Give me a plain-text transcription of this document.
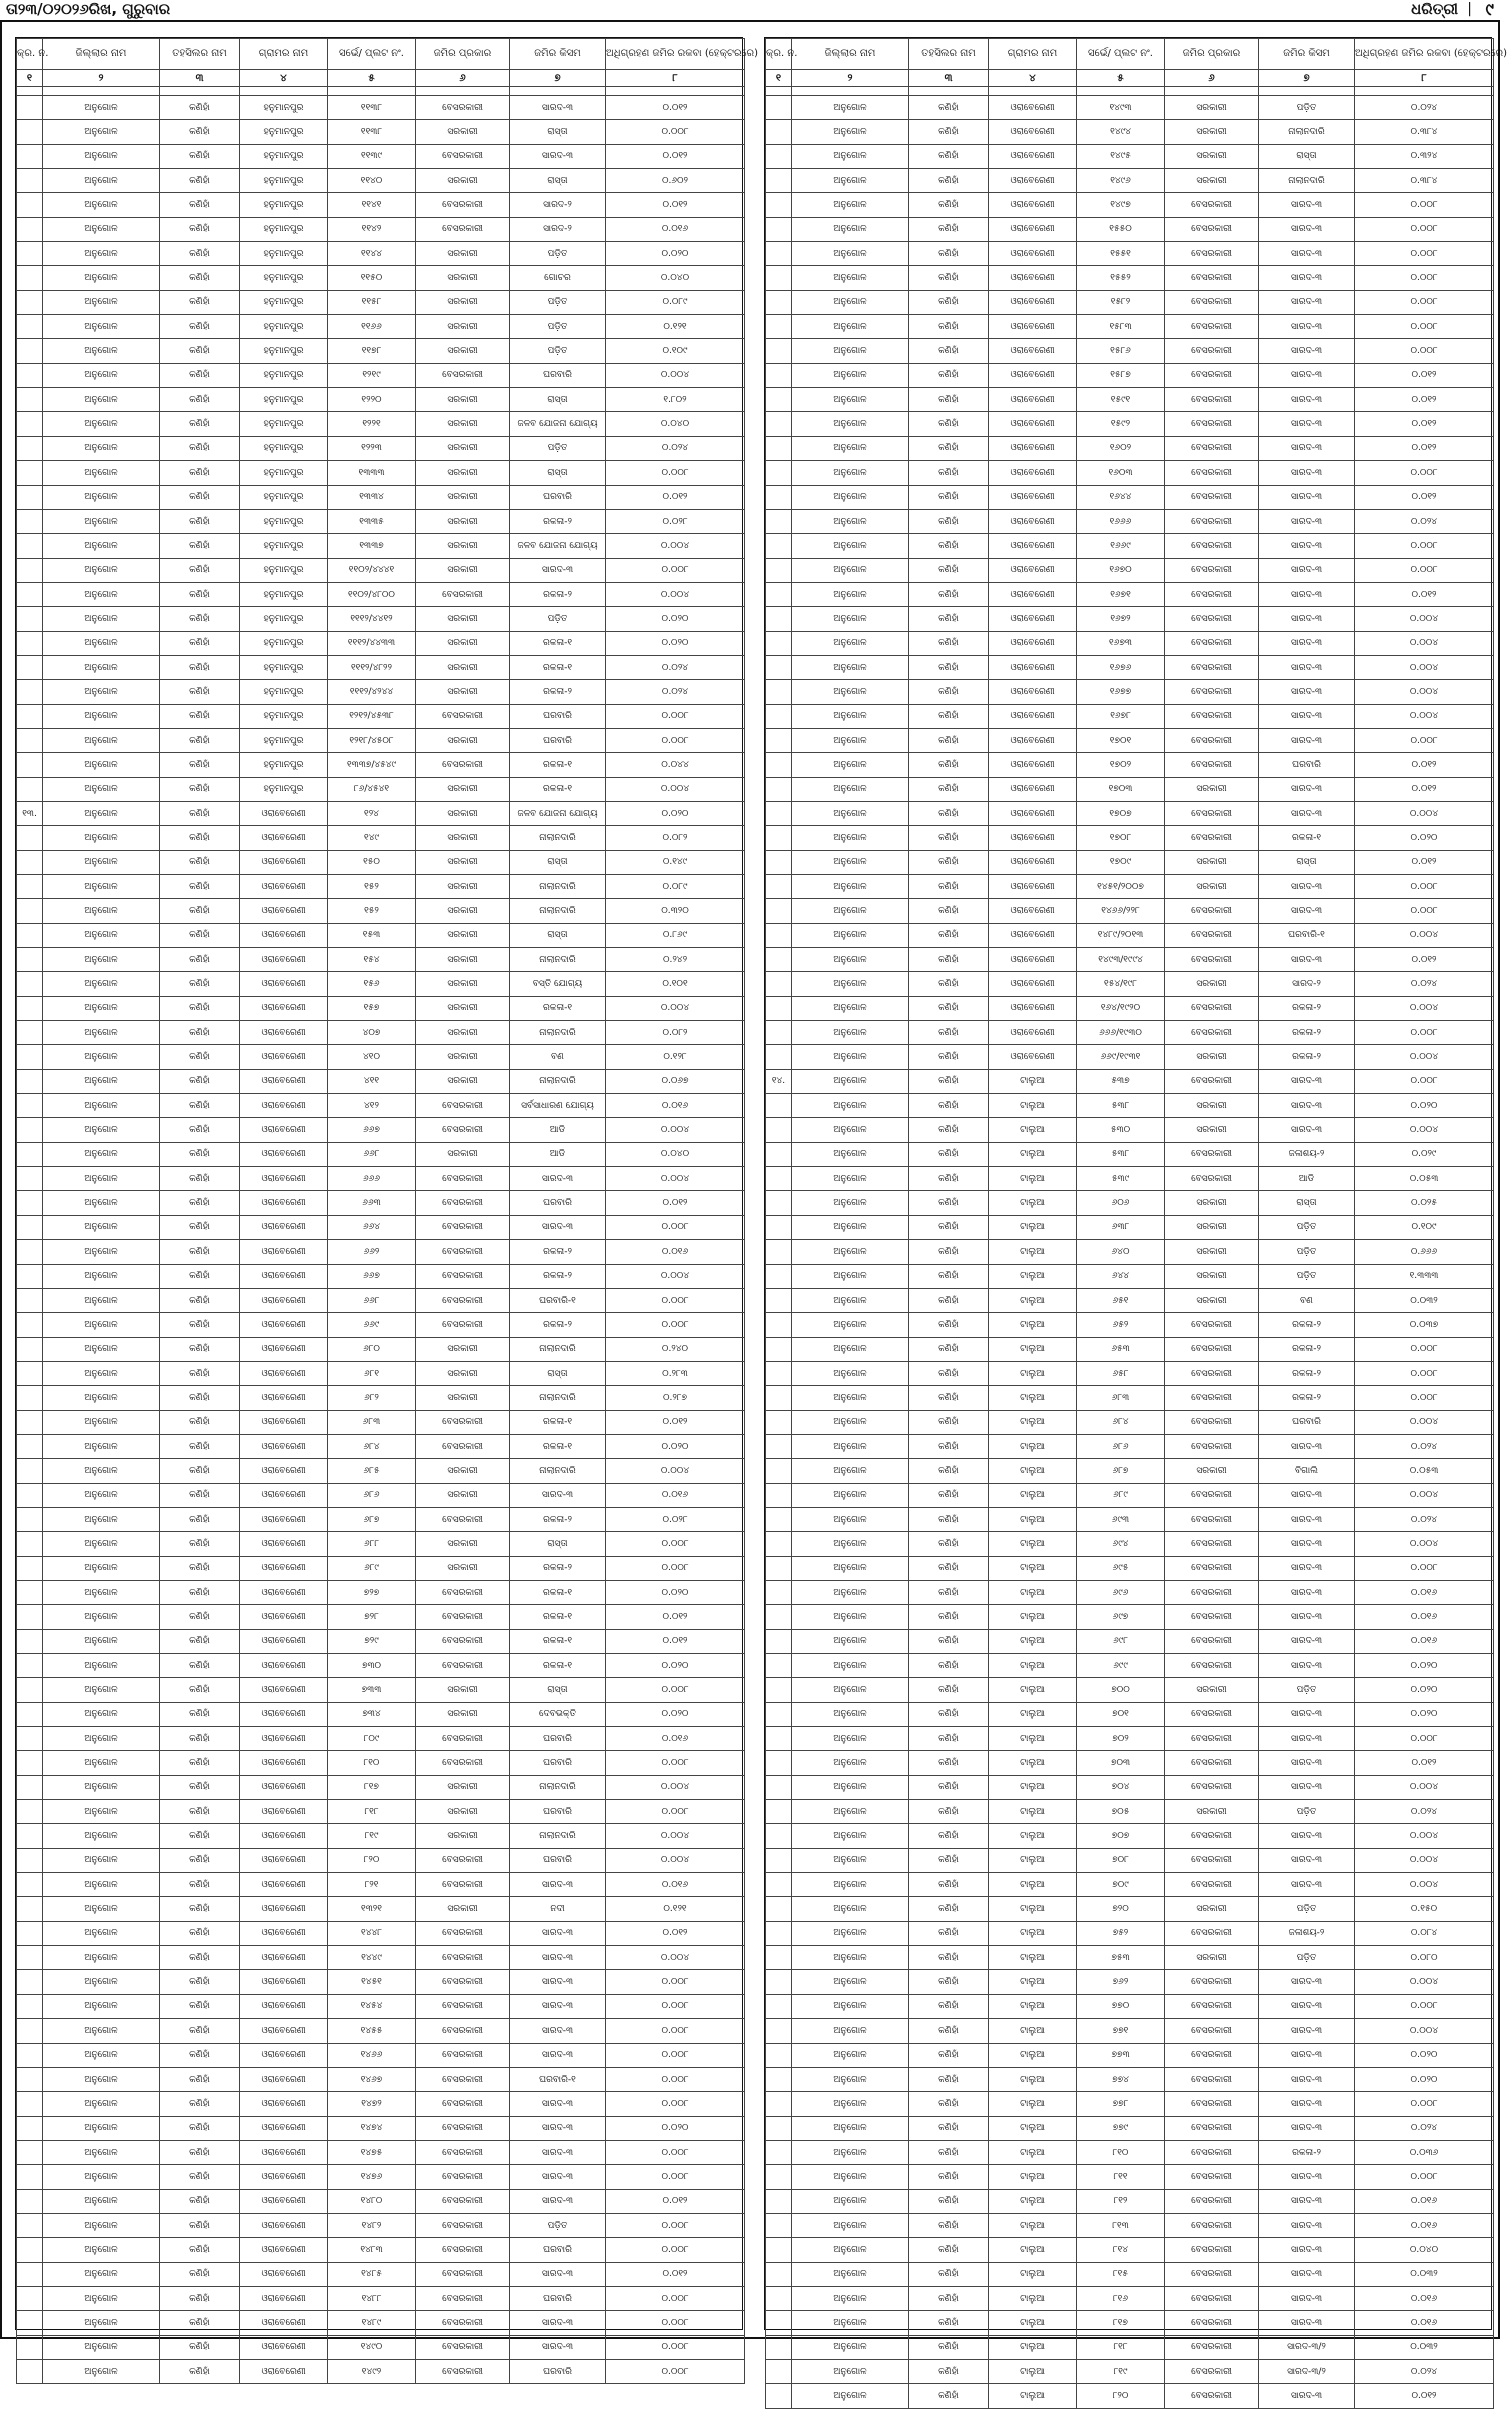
ତା୨୩/୦୨୦୨୬ରିଖ, ଗୁରୁବାର	ଧରିତ୍ରୀ | ୯
କ୍ର. ନ.	ଜିଲ୍ଲାର ନାମ	ତହସିଲର ନାମ	ଗ୍ରାମର ନାମ	ସର୍ଭେ/ ପ୍ଲଟ ନଂ.	ଜମିର ପ୍ରକାର	ଜମିର କିସମ	ଅଧିଗ୍ରହଣ ଜମିର ରକବା (ହେକ୍ଟରରେ)
୧	୨	୩	୪	୫	୬	୭	୮

	ଅନୁଗୋଳ	କଣିହାଁ	ହନୁମାନପୁର	୧୧୩୮	ବେସରକାରୀ	ସାରଦ-୩	୦.୦୧୨
	ଅନୁଗୋଳ	କଣିହାଁ	ହନୁମାନପୁର	୧୧୩୮	ସରକାରୀ	ରାସ୍ତା	୦.୦୦୮
	ଅନୁଗୋଳ	କଣିହାଁ	ହନୁମାନପୁର	୧୧୩୯	ବେସରକାରୀ	ସାରଦ-୩	୦.୦୧୨
	ଅନୁଗୋଳ	କଣିହାଁ	ହନୁମାନପୁର	୧୧୪୦	ସରକାରୀ	ରାସ୍ତା	୦.୬୦୨
	ଅନୁଗୋଳ	କଣିହାଁ	ହନୁମାନପୁର	୧୧୪୧	ବେସରକାରୀ	ସାରଦ-୨	୦.୦୧୨
	ଅନୁଗୋଳ	କଣିହାଁ	ହନୁମାନପୁର	୧୧୪୨	ବେସରକାରୀ	ସାରଦ-୨	୦.୦୧୬
	ଅନୁଗୋଳ	କଣିହାଁ	ହନୁମାନପୁର	୧୧୪୪	ସରକାରୀ	ପଡ଼ିତ	୦.୦୨୦
	ଅନୁଗୋଳ	କଣିହାଁ	ହନୁମାନପୁର	୧୧୫୦	ସରକାରୀ	ଗୋଚର	୦.୦୪୦
	ଅନୁଗୋଳ	କଣିହାଁ	ହନୁମାନପୁର	୧୧୫୮	ସରକାରୀ	ପଡ଼ିତ	୦.୦୮୯
	ଅନୁଗୋଳ	କଣିହାଁ	ହନୁମାନପୁର	୧୧୬୬	ସରକାରୀ	ପଡ଼ିତ	୦.୧୨୧
	ଅନୁଗୋଳ	କଣିହାଁ	ହନୁମାନପୁର	୧୧୭୮	ସରକାରୀ	ପଡ଼ିତ	୦.୧୦୯
	ଅନୁଗୋଳ	କଣିହାଁ	ହନୁମାନପୁର	୧୨୧୯	ବେସରକାରୀ	ଘରବାରି	୦.୦୦୪
	ଅନୁଗୋଳ	କଣିହାଁ	ହନୁମାନପୁର	୧୨୨୦	ସରକାରୀ	ରାସ୍ତା	୧.୮୦୨
	ଅନୁଗୋଳ	କଣିହାଁ	ହନୁମାନପୁର	୧୨୨୧	ସରକାରୀ	ଜଳବ ଯୋଜନା ଯୋଗ୍ୟ	୦.୦୪୦
	ଅନୁଗୋଳ	କଣିହାଁ	ହନୁମାନପୁର	୧୨୨୩	ସରକାରୀ	ପଡ଼ିତ	୦.୦୨୪
	ଅନୁଗୋଳ	କଣିହାଁ	ହନୁମାନପୁର	୧୩୩୩	ସରକାରୀ	ରାସ୍ତା	୦.୦୦୮
	ଅନୁଗୋଳ	କଣିହାଁ	ହନୁମାନପୁର	୧୩୩୪	ସରକାରୀ	ଘରବାରି	୦.୦୧୨
	ଅନୁଗୋଳ	କଣିହାଁ	ହନୁମାନପୁର	୧୩୩୫	ସରକାରୀ	ରକଳା-୨	୦.୦୨୮
	ଅନୁଗୋଳ	କଣିହାଁ	ହନୁମାନପୁର	୧୩୩୭	ସରକାରୀ	ଜଳବ ଯୋଜନା ଯୋଗ୍ୟ	୦.୦୦୪
	ଅନୁଗୋଳ	କଣିହାଁ	ହନୁମାନପୁର	୧୧୦୨/୪୪୪୧	ସରକାରୀ	ସାରଦ-୩	୦.୦୦୮
	ଅନୁଗୋଳ	କଣିହାଁ	ହନୁମାନପୁର	୧୧୦୨/୪୮୦୦	ବେସରକାରୀ	ରକଳା-୨	୦.୦୦୪
	ଅନୁଗୋଳ	କଣିହାଁ	ହନୁମାନପୁର	୧୧୧୨/୪୪୧୨	ସରକାରୀ	ପଡ଼ିତ	୦.୦୨୦
	ଅନୁଗୋଳ	କଣିହାଁ	ହନୁମାନପୁର	୧୧୧୨/୪୪୩୩	ସରକାରୀ	ରକଳା-୧	୦.୦୨୦
	ଅନୁଗୋଳ	କଣିହାଁ	ହନୁମାନପୁର	୧୧୧୨/୪୮୨୨	ସରକାରୀ	ରକଳା-୧	୦.୦୨୪
	ଅନୁଗୋଳ	କଣିହାଁ	ହନୁମାନପୁର	୧୧୧୨/୪୨୪୪	ସରକାରୀ	ରକଳା-୨	୦.୦୨୪
	ଅନୁଗୋଳ	କଣିହାଁ	ହନୁମାନପୁର	୧୨୧୨/୪୫୩୮	ବେସରକାରୀ	ଘରବାରି	୦.୦୦୮
	ଅନୁଗୋଳ	କଣିହାଁ	ହନୁମାନପୁର	୧୨୧୮/୪୫୦୮	ସରକାରୀ	ଘରବାରି	୦.୦୦୮
	ଅନୁଗୋଳ	କଣିହାଁ	ହନୁମାନପୁର	୧୩୩୭/୪୫୪୯	ବେସରକାରୀ	ରକଳା-୧	୦.୦୪୪
	ଅନୁଗୋଳ	କଣିହାଁ	ହନୁମାନପୁର	୮୬/୪୫୪୧	ସରକାରୀ	ରକଳା-୧	୦.୦୦୪
୧୩.	ଅନୁଗୋଳ	କଣିହାଁ	ଓରାବେରେଣୀ	୧୨୪	ସରକାରୀ	ଜଳବ ଯୋଜନା ଯୋଗ୍ୟ	୦.୦୨୦
	ଅନୁଗୋଳ	କଣିହାଁ	ଓରାବେରେଣୀ	୧୪୯	ସରକାରୀ	ନାଲାନଦାରି	୦.୦୮୨
	ଅନୁଗୋଳ	କଣିହାଁ	ଓରାବେରେଣୀ	୧୫୦	ସରକାରୀ	ରାସ୍ତା	୦.୧୪୯
	ଅନୁଗୋଳ	କଣିହାଁ	ଓରାବେରେଣୀ	୧୫୨	ସରକାରୀ	ନାଲାନଦାରି	୦.୦୮୯
	ଅନୁଗୋଳ	କଣିହାଁ	ଓରାବେରେଣୀ	୧୫୨	ସରକାରୀ	ନାଲାନଦାରି	୦.୩୨୦
	ଅନୁଗୋଳ	କଣିହାଁ	ଓରାବେରେଣୀ	୧୫୩	ସରକାରୀ	ରାସ୍ତା	୦.୮୬୯
	ଅନୁଗୋଳ	କଣିହାଁ	ଓରାବେରେଣୀ	୧୫୪	ସରକାରୀ	ନାଲାନଦାରି	୦.୨୪୨
	ଅନୁଗୋଳ	କଣିହାଁ	ଓରାବେରେଣୀ	୧୫୬	ସରକାରୀ	ବସ୍ତି ଯୋଗ୍ୟ	୦.୧୦୧
	ଅନୁଗୋଳ	କଣିହାଁ	ଓରାବେରେଣୀ	୧୫୭	ସରକାରୀ	ରକଳା-୧	୦.୦୦୪
	ଅନୁଗୋଳ	କଣିହାଁ	ଓରାବେରେଣୀ	୪୦୭	ସରକାରୀ	ନାଲାନଦାରି	୦.୦୮୨
	ଅନୁଗୋଳ	କଣିହାଁ	ଓରାବେରେଣୀ	୪୧୦	ସରକାରୀ	ବଣ	୦.୧୨୮
	ଅନୁଗୋଳ	କଣିହାଁ	ଓରାବେରେଣୀ	୪୧୧	ସରକାରୀ	ନାଲାନଦାରି	୦.୦୬୭
	ଅନୁଗୋଳ	କଣିହାଁ	ଓରାବେରେଣୀ	୪୧୨	ବେସରକାରୀ	ସର୍ବସାଧାରଣ ଯୋଗ୍ୟ	୦.୦୧୬
	ଅନୁଗୋଳ	କଣିହାଁ	ଓରାବେରେଣୀ	୬୬୭	ବେସରକାରୀ	ଆଡି	୦.୦୦୪
	ଅନୁଗୋଳ	କଣିହାଁ	ଓରାବେରେଣୀ	୬୬୮	ସରକାରୀ	ଆଡି	୦.୦୪୦
	ଅନୁଗୋଳ	କଣିହାଁ	ଓରାବେରେଣୀ	୬୬୬	ବେସରକାରୀ	ସାରଦ-୩	୦.୦୦୪
	ଅନୁଗୋଳ	କଣିହାଁ	ଓରାବେରେଣୀ	୬୬୩	ବେସରକାରୀ	ଘରବାରି	୦.୦୧୨
	ଅନୁଗୋଳ	କଣିହାଁ	ଓରାବେରେଣୀ	୬୬୪	ବେସରକାରୀ	ସାରଦ-୩	୦.୦୦୮
	ଅନୁଗୋଳ	କଣିହାଁ	ଓରାବେରେଣୀ	୬୬୨	ବେସରକାରୀ	ରକଳା-୨	୦.୦୧୬
	ଅନୁଗୋଳ	କଣିହାଁ	ଓରାବେରେଣୀ	୬୬୭	ବେସରକାରୀ	ରକଳା-୨	୦.୦୦୪
	ଅନୁଗୋଳ	କଣିହାଁ	ଓରାବେରେଣୀ	୬୬୮	ବେସରକାରୀ	ଘରବାରି-୧	୦.୦୦୮
	ଅନୁଗୋଳ	କଣିହାଁ	ଓରାବେରେଣୀ	୬୬୯	ବେସରକାରୀ	ରକଳା-୨	୦.୦୦୮
	ଅନୁଗୋଳ	କଣିହାଁ	ଓରାବେରେଣୀ	୬୮୦	ସରକାରୀ	ନାଲାନଦାରି	୦.୨୪୦
	ଅନୁଗୋଳ	କଣିହାଁ	ଓରାବେରେଣୀ	୬୮୧	ସରକାରୀ	ରାସ୍ତା	୦.୨୮୩
	ଅନୁଗୋଳ	କଣିହାଁ	ଓରାବେରେଣୀ	୬୮୨	ସରକାରୀ	ନାଲାନଦାରି	୦.୨୮୭
	ଅନୁଗୋଳ	କଣିହାଁ	ଓରାବେରେଣୀ	୬୮୩	ବେସରକାରୀ	ରକଳା-୧	୦.୦୧୨
	ଅନୁଗୋଳ	କଣିହାଁ	ଓରାବେରେଣୀ	୬୮୪	ବେସରକାରୀ	ରକଳା-୧	୦.୦୨୦
	ଅନୁଗୋଳ	କଣିହାଁ	ଓରାବେରେଣୀ	୬୮୫	ସରକାରୀ	ନାଲାନଦାରି	୦.୦୦୪
	ଅନୁଗୋଳ	କଣିହାଁ	ଓରାବେରେଣୀ	୬୮୬	ସରକାରୀ	ସାରଦ-୩	୦.୦୧୬
	ଅନୁଗୋଳ	କଣିହାଁ	ଓରାବେରେଣୀ	୬୮୭	ବେସରକାରୀ	ରକଳା-୨	୦.୦୨୮
	ଅନୁଗୋଳ	କଣିହାଁ	ଓରାବେରେଣୀ	୬୮୮	ସରକାରୀ	ରାସ୍ତା	୦.୦୦୮
	ଅନୁଗୋଳ	କଣିହାଁ	ଓରାବେରେଣୀ	୬୮୯	ସରକାରୀ	ରକଳା-୨	୦.୦୦୮
	ଅନୁଗୋଳ	କଣିହାଁ	ଓରାବେରେଣୀ	୭୨୭	ବେସରକାରୀ	ରକଳା-୧	୦.୦୨୦
	ଅନୁଗୋଳ	କଣିହାଁ	ଓରାବେରେଣୀ	୭୨୮	ବେସରକାରୀ	ରକଳା-୧	୦.୦୧୨
	ଅନୁଗୋଳ	କଣିହାଁ	ଓରାବେରେଣୀ	୭୨୯	ବେସରକାରୀ	ରକଳା-୧	୦.୦୧୨
	ଅନୁଗୋଳ	କଣିହାଁ	ଓରାବେରେଣୀ	୭୩୦	ବେସରକାରୀ	ରକଳା-୧	୦.୦୨୦
	ଅନୁଗୋଳ	କଣିହାଁ	ଓରାବେରେଣୀ	୭୩୩	ସରକାରୀ	ରାସ୍ତା	୦.୦୦୮
	ଅନୁଗୋଳ	କଣିହାଁ	ଓରାବେରେଣୀ	୭୩୪	ସରକାରୀ	ଦେବଭକ୍ତି	୦.୦୨୦
	ଅନୁଗୋଳ	କଣିହାଁ	ଓରାବେରେଣୀ	୮୦୯	ବେସରକାରୀ	ଘରବାରି	୦.୦୧୬
	ଅନୁଗୋଳ	କଣିହାଁ	ଓରାବେରେଣୀ	୮୧୦	ବେସରକାରୀ	ଘରବାରି	୦.୦୦୮
	ଅନୁଗୋଳ	କଣିହାଁ	ଓରାବେରେଣୀ	୮୧୭	ସରକାରୀ	ନାଲାନଦାରି	୦.୦୦୪
	ଅନୁଗୋଳ	କଣିହାଁ	ଓରାବେରେଣୀ	୮୧୮	ସରକାରୀ	ଘରବାରି	୦.୦୦୮
	ଅନୁଗୋଳ	କଣିହାଁ	ଓରାବେରେଣୀ	୮୧୯	ସରକାରୀ	ନାଲାନଦାରି	୦.୦୦୪
	ଅନୁଗୋଳ	କଣିହାଁ	ଓରାବେରେଣୀ	୮୨୦	ବେସରକାରୀ	ଘରବାରି	୦.୦୦୪
	ଅନୁଗୋଳ	କଣିହାଁ	ଓରାବେରେଣୀ	୮୨୧	ବେସରକାରୀ	ସାରଦ-୩	୦.୦୧୬
	ଅନୁଗୋଳ	କଣିହାଁ	ଓରାବେରେଣୀ	୧୩୨୧	ସରକାରୀ	ନଦୀ	୦.୧୨୧
	ଅନୁଗୋଳ	କଣିହାଁ	ଓରାବେରେଣୀ	୧୪୪୮	ବେସରକାରୀ	ସାରଦ-୩	୦.୦୧୨
	ଅନୁଗୋଳ	କଣିହାଁ	ଓରାବେରେଣୀ	୧୪୪୯	ବେସରକାରୀ	ସାରଦ-୩	୦.୦୦୪
	ଅନୁଗୋଳ	କଣିହାଁ	ଓରାବେରେଣୀ	୧୪୫୧	ବେସରକାରୀ	ସାରଦ-୩	୦.୦୦୮
	ଅନୁଗୋଳ	କଣିହାଁ	ଓରାବେରେଣୀ	୧୪୫୪	ବେସରକାରୀ	ସାରଦ-୩	୦.୦୦୮
	ଅନୁଗୋଳ	କଣିହାଁ	ଓରାବେରେଣୀ	୧୪୫୫	ବେସରକାରୀ	ସାରଦ-୩	୦.୦୦୮
	ଅନୁଗୋଳ	କଣିହାଁ	ଓରାବେରେଣୀ	୧୪୬୬	ବେସରକାରୀ	ସାରଦ-୩	୦.୦୦୮
	ଅନୁଗୋଳ	କଣିହାଁ	ଓରାବେରେଣୀ	୧୪୬୭	ବେସରକାରୀ	ଘରବାରି-୧	୦.୦୦୮
	ଅନୁଗୋଳ	କଣିହାଁ	ଓରାବେରେଣୀ	୧୪୭୨	ବେସରକାରୀ	ସାରଦ-୩	୦.୦୦୮
	ଅନୁଗୋଳ	କଣିହାଁ	ଓରାବେରେଣୀ	୧୪୭୪	ବେସରକାରୀ	ସାରଦ-୩	୦.୦୨୦
	ଅନୁଗୋଳ	କଣିହାଁ	ଓରାବେରେଣୀ	୧୪୭୫	ବେସରକାରୀ	ସାରଦ-୩	୦.୦୦୮
	ଅନୁଗୋଳ	କଣିହାଁ	ଓରାବେରେଣୀ	୧୪୭୬	ବେସରକାରୀ	ସାରଦ-୩	୦.୦୦୮
	ଅନୁଗୋଳ	କଣିହାଁ	ଓରାବେରେଣୀ	୧୪୮୦	ବେସରକାରୀ	ସାରଦ-୩	୦.୦୧୨
	ଅନୁଗୋଳ	କଣିହାଁ	ଓରାବେରେଣୀ	୧୪୮୨	ବେସରକାରୀ	ପଡ଼ିତ	୦.୦୦୮
	ଅନୁଗୋଳ	କଣିହାଁ	ଓରାବେରେଣୀ	୧୪୮୩	ବେସରକାରୀ	ଘରବାରି	୦.୦୦୮
	ଅନୁଗୋଳ	କଣିହାଁ	ଓରାବେରେଣୀ	୧୪୮୫	ବେସରକାରୀ	ସାରଦ-୩	୦.୦୧୨
	ଅନୁଗୋଳ	କଣିହାଁ	ଓରାବେରେଣୀ	୧୪୮୮	ବେସରକାରୀ	ଘରବାରି	୦.୦୦୮
	ଅନୁଗୋଳ	କଣିହାଁ	ଓରାବେରେଣୀ	୧୪୮୯	ବେସରକାରୀ	ସାରଦ-୩	୦.୦୦୮
	ଅନୁଗୋଳ	କଣିହାଁ	ଓରାବେରେଣୀ	୧୪୯୦	ବେସରକାରୀ	ସାରଦ-୩	୦.୦୦୮
	ଅନୁଗୋଳ	କଣିହାଁ	ଓରାବେରେଣୀ	୧୪୯୨	ବେସରକାରୀ	ଘରବାରି	୦.୦୦୮
କ୍ର. ନ.	ଜିଲ୍ଲାର ନାମ	ତହସିଲର ନାମ	ଗ୍ରାମର ନାମ	ସର୍ଭେ/ ପ୍ଲଟ ନଂ.	ଜମିର ପ୍ରକାର	ଜମିର କିସମ	ଅଧିଗ୍ରହଣ ଜମିର ରକବା (ହେକ୍ଟରରେ)
୧	୨	୩	୪	୫	୬	୭	୮

	ଅନୁଗୋଳ	କଣିହାଁ	ଓରାବେରେଣୀ	୧୪୯୩	ସରକାରୀ	ପଡ଼ିତ	୦.୦୨୪
	ଅନୁଗୋଳ	କଣିହାଁ	ଓରାବେରେଣୀ	୧୪୯୪	ସରକାରୀ	ନାଲାନଦାରି	୦.୩୮୪
	ଅନୁଗୋଳ	କଣିହାଁ	ଓରାବେରେଣୀ	୧୪୯୫	ସରକାରୀ	ରାସ୍ତା	୦.୩୨୪
	ଅନୁଗୋଳ	କଣିହାଁ	ଓରାବେରେଣୀ	୧୪୯୬	ସରକାରୀ	ନାଲାନଦାରି	୦.୩୮୪
	ଅନୁଗୋଳ	କଣିହାଁ	ଓରାବେରେଣୀ	୧୪୯୭	ବେସରକାରୀ	ସାରଦ-୩	୦.୦୦୮
	ଅନୁଗୋଳ	କଣିହାଁ	ଓରାବେରେଣୀ	୧୫୫୦	ବେସରକାରୀ	ସାରଦ-୩	୦.୦୦୮
	ଅନୁଗୋଳ	କଣିହାଁ	ଓରାବେରେଣୀ	୧୫୫୧	ବେସରକାରୀ	ସାରଦ-୩	୦.୦୦୮
	ଅନୁଗୋଳ	କଣିହାଁ	ଓରାବେରେଣୀ	୧୫୫୨	ବେସରକାରୀ	ସାରଦ-୩	୦.୦୦୮
	ଅନୁଗୋଳ	କଣିହାଁ	ଓରାବେରେଣୀ	୧୫୮୨	ବେସରକାରୀ	ସାରଦ-୩	୦.୦୦୮
	ଅନୁଗୋଳ	କଣିହାଁ	ଓରାବେରେଣୀ	୧୫୮୩	ବେସରକାରୀ	ସାରଦ-୩	୦.୦୦୮
	ଅନୁଗୋଳ	କଣିହାଁ	ଓରାବେରେଣୀ	୧୫୮୬	ବେସରକାରୀ	ସାରଦ-୩	୦.୦୦୮
	ଅନୁଗୋଳ	କଣିହାଁ	ଓରାବେରେଣୀ	୧୫୮୭	ବେସରକାରୀ	ସାରଦ-୩	୦.୦୧୨
	ଅନୁଗୋଳ	କଣିହାଁ	ଓରାବେରେଣୀ	୧୫୯୧	ବେସରକାରୀ	ସାରଦ-୩	୦.୦୧୨
	ଅନୁଗୋଳ	କଣିହାଁ	ଓରାବେରେଣୀ	୧୫୯୨	ବେସରକାରୀ	ସାରଦ-୩	୦.୦୧୨
	ଅନୁଗୋଳ	କଣିହାଁ	ଓରାବେରେଣୀ	୧୬୦୨	ବେସରକାରୀ	ସାରଦ-୩	୦.୦୧୨
	ଅନୁଗୋଳ	କଣିହାଁ	ଓରାବେରେଣୀ	୧୬୦୩	ବେସରକାରୀ	ସାରଦ-୩	୦.୦୦୮
	ଅନୁଗୋଳ	କଣିହାଁ	ଓରାବେରେଣୀ	୧୬୪୪	ବେସରକାରୀ	ସାରଦ-୩	୦.୦୧୨
	ଅନୁଗୋଳ	କଣିହାଁ	ଓରାବେରେଣୀ	୧୬୬୬	ବେସରକାରୀ	ସାରଦ-୩	୦.୦୨୪
	ଅନୁଗୋଳ	କଣିହାଁ	ଓରାବେରେଣୀ	୧୬୬୯	ବେସରକାରୀ	ସାରଦ-୩	୦.୦୦୮
	ଅନୁଗୋଳ	କଣିହାଁ	ଓରାବେରେଣୀ	୧୬୭୦	ବେସରକାରୀ	ସାରଦ-୩	୦.୦୦୮
	ଅନୁଗୋଳ	କଣିହାଁ	ଓରାବେରେଣୀ	୧୬୭୧	ବେସରକାରୀ	ସାରଦ-୩	୦.୦୧୨
	ଅନୁଗୋଳ	କଣିହାଁ	ଓରାବେରେଣୀ	୧୬୭୨	ବେସରକାରୀ	ସାରଦ-୩	୦.୦୦୪
	ଅନୁଗୋଳ	କଣିହାଁ	ଓରାବେରେଣୀ	୧୬୭୩	ବେସରକାରୀ	ସାରଦ-୩	୦.୦୦୪
	ଅନୁଗୋଳ	କଣିହାଁ	ଓରାବେରେଣୀ	୧୬୭୬	ବେସରକାରୀ	ସାରଦ-୩	୦.୦୦୪
	ଅନୁଗୋଳ	କଣିହାଁ	ଓରାବେରେଣୀ	୧୬୭୭	ବେସରକାରୀ	ସାରଦ-୩	୦.୦୦୪
	ଅନୁଗୋଳ	କଣିହାଁ	ଓରାବେରେଣୀ	୧୬୭୮	ବେସରକାରୀ	ସାରଦ-୩	୦.୦୦୪
	ଅନୁଗୋଳ	କଣିହାଁ	ଓରାବେରେଣୀ	୧୭୦୧	ବେସରକାରୀ	ସାରଦ-୩	୦.୦୦୮
	ଅନୁଗୋଳ	କଣିହାଁ	ଓରାବେରେଣୀ	୧୭୦୨	ବେସରକାରୀ	ଘରବାରି	୦.୦୧୨
	ଅନୁଗୋଳ	କଣିହାଁ	ଓରାବେରେଣୀ	୧୭୦୩	ସରକାରୀ	ସାରଦ-୩	୦.୦୧୨
	ଅନୁଗୋଳ	କଣିହାଁ	ଓରାବେରେଣୀ	୧୭୦୭	ବେସରକାରୀ	ସାରଦ-୩	୦.୦୦୪
	ଅନୁଗୋଳ	କଣିହାଁ	ଓରାବେରେଣୀ	୧୭୦୮	ବେସରକାରୀ	ରକଳା-୧	୦.୦୨୦
	ଅନୁଗୋଳ	କଣିହାଁ	ଓରାବେରେଣୀ	୧୭୦୯	ସରକାରୀ	ରାସ୍ତା	୦.୦୧୨
	ଅନୁଗୋଳ	କଣିହାଁ	ଓରାବେରେଣୀ	୧୪୫୧/୨୦୦୭	ସରକାରୀ	ସାରଦ-୩	୦.୦୦୮
	ଅନୁଗୋଳ	କଣିହାଁ	ଓରାବେରେଣୀ	୧୪୬୬/୨୨୮	ବେସରକାରୀ	ସାରଦ-୩	୦.୦୦୮
	ଅନୁଗୋଳ	କଣିହାଁ	ଓରାବେରେଣୀ	୧୪୮୯/୨୦୧୩	ବେସରକାରୀ	ଘରବାରି-୧	୦.୦୦୪
	ଅନୁଗୋଳ	କଣିହାଁ	ଓରାବେରେଣୀ	୧୪୯୩/୧୯୯୪	ବେସରକାରୀ	ସାରଦ-୩	୦.୦୧୨
	ଅନୁଗୋଳ	କଣିହାଁ	ଓରାବେରେଣୀ	୧୫୪/୧୯୮	ସରକାରୀ	ସାରଦ-୨	୦.୦୨୪
	ଅନୁଗୋଳ	କଣିହାଁ	ଓରାବେରେଣୀ	୧୬୪/୧୯୨୦	ବେସରକାରୀ	ରକଳା-୨	୦.୦୦୪
	ଅନୁଗୋଳ	କଣିହାଁ	ଓରାବେରେଣୀ	୬୬୬/୧୯୩୦	ବେସରକାରୀ	ରକଳା-୨	୦.୦୦୮
	ଅନୁଗୋଳ	କଣିହାଁ	ଓରାବେରେଣୀ	୬୬୯/୧୯୩୧	ସରକାରୀ	ରକଳା-୨	୦.୦୦୪
୧୪.	ଅନୁଗୋଳ	କଣିହାଁ	ଟାଲୁଆ	୫୩୭	ବେସରକାରୀ	ସାରଦ-୩	୦.୦୦୮
	ଅନୁଗୋଳ	କଣିହାଁ	ଟାଲୁଆ	୫୩୮	ସରକାରୀ	ସାରଦ-୩	୦.୦୨୦
	ଅନୁଗୋଳ	କଣିହାଁ	ଟାଲୁଆ	୫୩୦	ସରକାରୀ	ସାରଦ-୩	୦.୦୦୪
	ଅନୁଗୋଳ	କଣିହାଁ	ଟାଲୁଆ	୫୩୮	ବେସରକାରୀ	ଜଳାଶୟ-୨	୦.୦୨୯
	ଅନୁଗୋଳ	କଣିହାଁ	ଟାଲୁଆ	୫୩୯	ବେସରକାରୀ	ଆଡି	୦.୦୫୩
	ଅନୁଗୋଳ	କଣିହାଁ	ଟାଲୁଆ	୬୦୬	ସରକାରୀ	ରାସ୍ତା	୦.୦୨୫
	ଅନୁଗୋଳ	କଣିହାଁ	ଟାଲୁଆ	୬୩୮	ସରକାରୀ	ପଡ଼ିତ	୦.୧୦୯
	ଅନୁଗୋଳ	କଣିହାଁ	ଟାଲୁଆ	୬୪୦	ସରକାରୀ	ପଡ଼ିତ	୦.୬୬୬
	ଅନୁଗୋଳ	କଣିହାଁ	ଟାଲୁଆ	୬୪୪	ସରକାରୀ	ପଡ଼ିତ	୧.୩୩୩
	ଅନୁଗୋଳ	କଣିହାଁ	ଟାଲୁଆ	୬୫୧	ସରକାରୀ	ବଣ	୦.୦୩୨
	ଅନୁଗୋଳ	କଣିହାଁ	ଟାଲୁଆ	୬୫୨	ବେସରକାରୀ	ରକଳା-୨	୦.୦୩୭
	ଅନୁଗୋଳ	କଣିହାଁ	ଟାଲୁଆ	୬୫୩	ବେସରକାରୀ	ରକଳା-୨	୦.୦୦୮
	ଅନୁଗୋଳ	କଣିହାଁ	ଟାଲୁଆ	୬୫୮	ବେସରକାରୀ	ରକଳା-୨	୦.୦୦୮
	ଅନୁଗୋଳ	କଣିହାଁ	ଟାଲୁଆ	୬୮୩	ବେସରକାରୀ	ରକଳା-୨	୦.୦୦୮
	ଅନୁଗୋଳ	କଣିହାଁ	ଟାଲୁଆ	୬୮୪	ବେସରକାରୀ	ଘରବାରି	୦.୦୦୪
	ଅନୁଗୋଳ	କଣିହାଁ	ଟାଲୁଆ	୬୮୬	ବେସରକାରୀ	ସାରଦ-୩	୦.୦୨୪
	ଅନୁଗୋଳ	କଣିହାଁ	ଟାଲୁଆ	୬୮୭	ସରକାରୀ	ବିଗାଲି	୦.୦୫୩
	ଅନୁଗୋଳ	କଣିହାଁ	ଟାଲୁଆ	୬୮୯	ବେସରକାରୀ	ସାରଦ-୩	୦.୦୦୪
	ଅନୁଗୋଳ	କଣିହାଁ	ଟାଲୁଆ	୬୯୩	ବେସରକାରୀ	ସାରଦ-୩	୦.୦୨୪
	ଅନୁଗୋଳ	କଣିହାଁ	ଟାଲୁଆ	୬୯୪	ବେସରକାରୀ	ସାରଦ-୩	୦.୦୦୪
	ଅନୁଗୋଳ	କଣିହାଁ	ଟାଲୁଆ	୬୯୫	ବେସରକାରୀ	ସାରଦ-୩	୦.୦୦୮
	ଅନୁଗୋଳ	କଣିହାଁ	ଟାଲୁଆ	୬୯୬	ବେସରକାରୀ	ସାରଦ-୩	୦.୦୧୬
	ଅନୁଗୋଳ	କଣିହାଁ	ଟାଲୁଆ	୬୯୭	ବେସରକାରୀ	ସାରଦ-୩	୦.୦୧୬
	ଅନୁଗୋଳ	କଣିହାଁ	ଟାଲୁଆ	୬୯୮	ବେସରକାରୀ	ସାରଦ-୩	୦.୦୧୬
	ଅନୁଗୋଳ	କଣିହାଁ	ଟାଲୁଆ	୬୯୯	ବେସରକାରୀ	ସାରଦ-୩	୦.୦୨୦
	ଅନୁଗୋଳ	କଣିହାଁ	ଟାଲୁଆ	୭୦୦	ସରକାରୀ	ପଡ଼ିତ	୦.୦୨୦
	ଅନୁଗୋଳ	କଣିହାଁ	ଟାଲୁଆ	୭୦୧	ବେସରକାରୀ	ସାରଦ-୩	୦.୦୨୦
	ଅନୁଗୋଳ	କଣିହାଁ	ଟାଲୁଆ	୭୦୨	ବେସରକାରୀ	ସାରଦ-୩	୦.୦୦୮
	ଅନୁଗୋଳ	କଣିହାଁ	ଟାଲୁଆ	୭୦୩	ବେସରକାରୀ	ସାରଦ-୩	୦.୦୧୨
	ଅନୁଗୋଳ	କଣିହାଁ	ଟାଲୁଆ	୭୦୪	ବେସରକାରୀ	ସାରଦ-୩	୦.୦୦୪
	ଅନୁଗୋଳ	କଣିହାଁ	ଟାଲୁଆ	୭୦୫	ସରକାରୀ	ପଡ଼ିତ	୦.୦୨୪
	ଅନୁଗୋଳ	କଣିହାଁ	ଟାଲୁଆ	୭୦୭	ବେସରକାରୀ	ସାରଦ-୩	୦.୦୦୪
	ଅନୁଗୋଳ	କଣିହାଁ	ଟାଲୁଆ	୭୦୮	ବେସରକାରୀ	ସାରଦ-୩	୦.୦୦୪
	ଅନୁଗୋଳ	କଣିହାଁ	ଟାଲୁଆ	୭୦୯	ବେସରକାରୀ	ସାରଦ-୩	୦.୦୦୪
	ଅନୁଗୋଳ	କଣିହାଁ	ଟାଲୁଆ	୭୨୦	ସରକାରୀ	ପଡ଼ିତ	୦.୧୫୦
	ଅନୁଗୋଳ	କଣିହାଁ	ଟାଲୁଆ	୭୫୨	ବେସରକାରୀ	ଜଳାଶୟ-୨	୦.୦୮୪
	ଅନୁଗୋଳ	କଣିହାଁ	ଟାଲୁଆ	୭୫୩	ସରକାରୀ	ପଡ଼ିତ	୦.୦୮୦
	ଅନୁଗୋଳ	କଣିହାଁ	ଟାଲୁଆ	୭୬୨	ବେସରକାରୀ	ସାରଦ-୩	୦.୦୦୪
	ଅନୁଗୋଳ	କଣିହାଁ	ଟାଲୁଆ	୭୭୦	ବେସରକାରୀ	ସାରଦ-୩	୦.୦୦୮
	ଅନୁଗୋଳ	କଣିହାଁ	ଟାଲୁଆ	୭୭୧	ବେସରକାରୀ	ସାରଦ-୩	୦.୦୦୪
	ଅନୁଗୋଳ	କଣିହାଁ	ଟାଲୁଆ	୭୭୩	ବେସରକାରୀ	ସାରଦ-୩	୦.୦୨୦
	ଅନୁଗୋଳ	କଣିହାଁ	ଟାଲୁଆ	୭୭୪	ବେସରକାରୀ	ସାରଦ-୩	୦.୦୨୦
	ଅନୁଗୋଳ	କଣିହାଁ	ଟାଲୁଆ	୭୭୮	ବେସରକାରୀ	ସାରଦ-୩	୦.୦୦୮
	ଅନୁଗୋଳ	କଣିହାଁ	ଟାଲୁଆ	୭୭୯	ବେସରକାରୀ	ସାରଦ-୩	୦.୦୨୪
	ଅନୁଗୋଳ	କଣିହାଁ	ଟାଲୁଆ	୮୧୦	ବେସରକାରୀ	ରକଳା-୨	୦.୦୩୬
	ଅନୁଗୋଳ	କଣିହାଁ	ଟାଲୁଆ	୮୧୧	ବେସରକାରୀ	ସାରଦ-୩	୦.୦୦୮
	ଅନୁଗୋଳ	କଣିହାଁ	ଟାଲୁଆ	୮୧୨	ବେସରକାରୀ	ସାରଦ-୩	୦.୦୧୬
	ଅନୁଗୋଳ	କଣିହାଁ	ଟାଲୁଆ	୮୧୩	ବେସରକାରୀ	ସାରଦ-୩	୦.୦୧୬
	ଅନୁଗୋଳ	କଣିହାଁ	ଟାଲୁଆ	୮୧୪	ବେସରକାରୀ	ସାରଦ-୩	୦.୦୪୦
	ଅନୁଗୋଳ	କଣିହାଁ	ଟାଲୁଆ	୮୧୫	ବେସରକାରୀ	ସାରଦ-୩	୦.୦୩୨
	ଅନୁଗୋଳ	କଣିହାଁ	ଟାଲୁଆ	୮୧୬	ବେସରକାରୀ	ସାରଦ-୩	୦.୦୧୬
	ଅନୁଗୋଳ	କଣିହାଁ	ଟାଲୁଆ	୮୧୭	ବେସରକାରୀ	ସାରଦ-୩	୦.୦୧୬
	ଅନୁଗୋଳ	କଣିହାଁ	ଟାଲୁଆ	୮୧୮	ବେସରକାରୀ	ସାରଦ-୩/୨	୦.୦୩୨
	ଅନୁଗୋଳ	କଣିହାଁ	ଟାଲୁଆ	୮୧୯	ବେସରକାରୀ	ସାରଦ-୩/୨	୦.୦୨୪
	ଅନୁଗୋଳ	କଣିହାଁ	ଟାଲୁଆ	୮୨୦	ବେସରକାରୀ	ସାରଦ-୩	୦.୦୧୨
